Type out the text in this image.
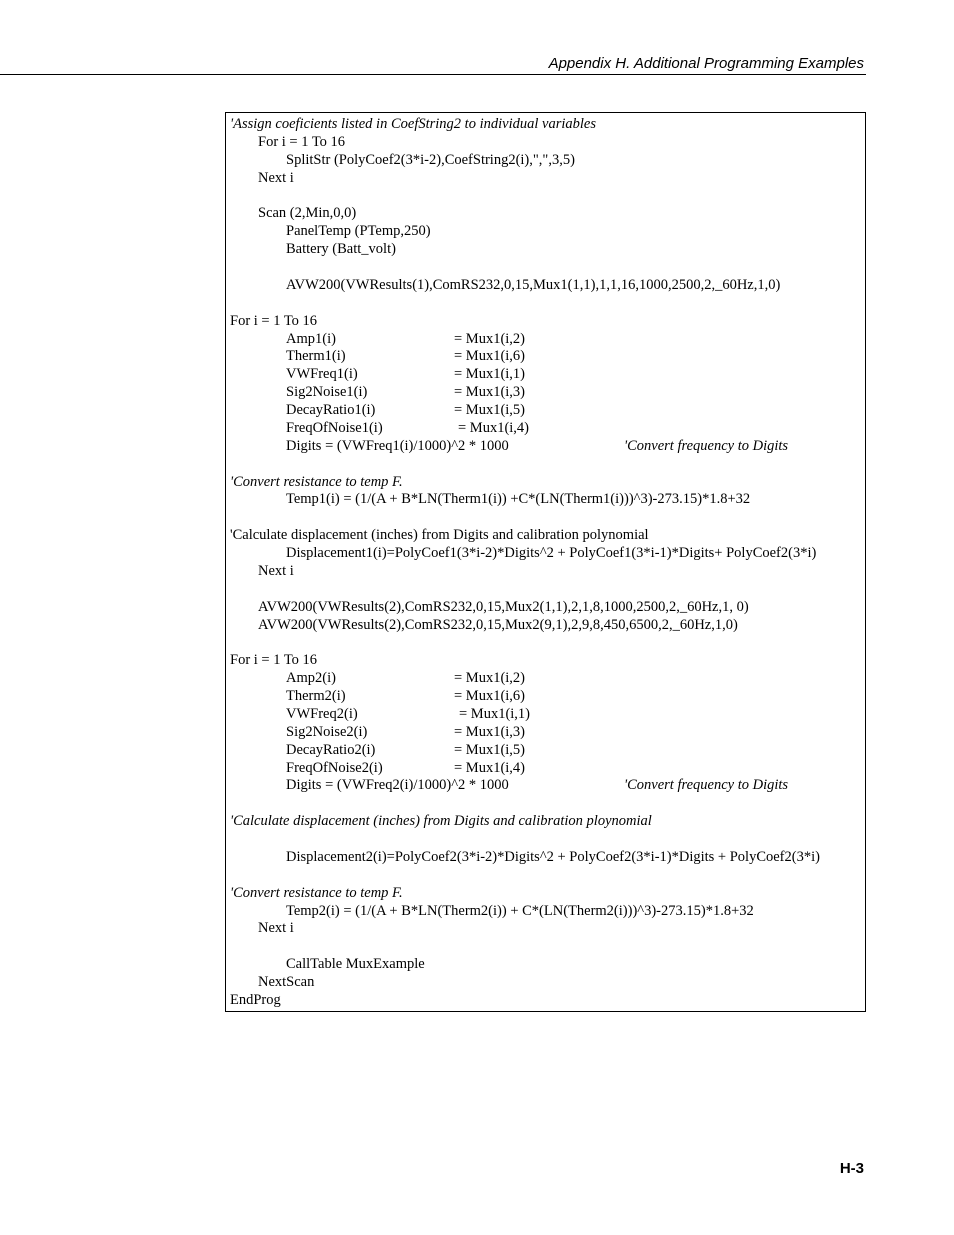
Appendix H. Additional Programming Examples
'Assign coeficients listed in CoefString2 to individual variables
For i = 1 To 16
SplitStr (PolyCoef2(3*i-2),CoefString2(i),",",3,5)
Next i
Scan (2,Min,0,0)
PanelTemp (PTemp,250)
Battery (Batt_volt)
AVW200(VWResults(1),ComRS232,0,15,Mux1(1,1),1,1,16,1000,2500,2,_60Hz,1,0)
For i = 1 To 16
Amp1(i)	= Mux1(i,2)
Therm1(i)	= Mux1(i,6)
VWFreq1(i)	= Mux1(i,1)
Sig2Noise1(i)	= Mux1(i,3)
DecayRatio1(i)	= Mux1(i,5)
FreqOfNoise1(i)	= Mux1(i,4)
Digits = (VWFreq1(i)/1000)^2 * 1000	'Convert frequency to Digits
'Convert resistance to temp F.
Temp1(i) = (1/(A + B*LN(Therm1(i)) +C*(LN(Therm1(i)))^3)-273.15)*1.8+32
'Calculate displacement (inches) from Digits and calibration polynomial
Displacement1(i)=PolyCoef1(3*i-2)*Digits^2 + PolyCoef1(3*i-1)*Digits+ PolyCoef2(3*i)
Next i
AVW200(VWResults(2),ComRS232,0,15,Mux2(1,1),2,1,8,1000,2500,2,_60Hz,1, 0)
AVW200(VWResults(2),ComRS232,0,15,Mux2(9,1),2,9,8,450,6500,2,_60Hz,1,0)
For i = 1 To 16
Amp2(i)	= Mux1(i,2)
Therm2(i)	= Mux1(i,6)
VWFreq2(i)	= Mux1(i,1)
Sig2Noise2(i)	= Mux1(i,3)
DecayRatio2(i)	= Mux1(i,5)
FreqOfNoise2(i)	= Mux1(i,4)
Digits = (VWFreq2(i)/1000)^2 * 1000	'Convert frequency to Digits
'Calculate displacement (inches) from Digits and calibration ploynomial
Displacement2(i)=PolyCoef2(3*i-2)*Digits^2 + PolyCoef2(3*i-1)*Digits + PolyCoef2(3*i)
'Convert resistance to temp F.
Temp2(i) = (1/(A + B*LN(Therm2(i)) + C*(LN(Therm2(i)))^3)-273.15)*1.8+32
Next i
CallTable MuxExample
NextScan
EndProg
H-3
